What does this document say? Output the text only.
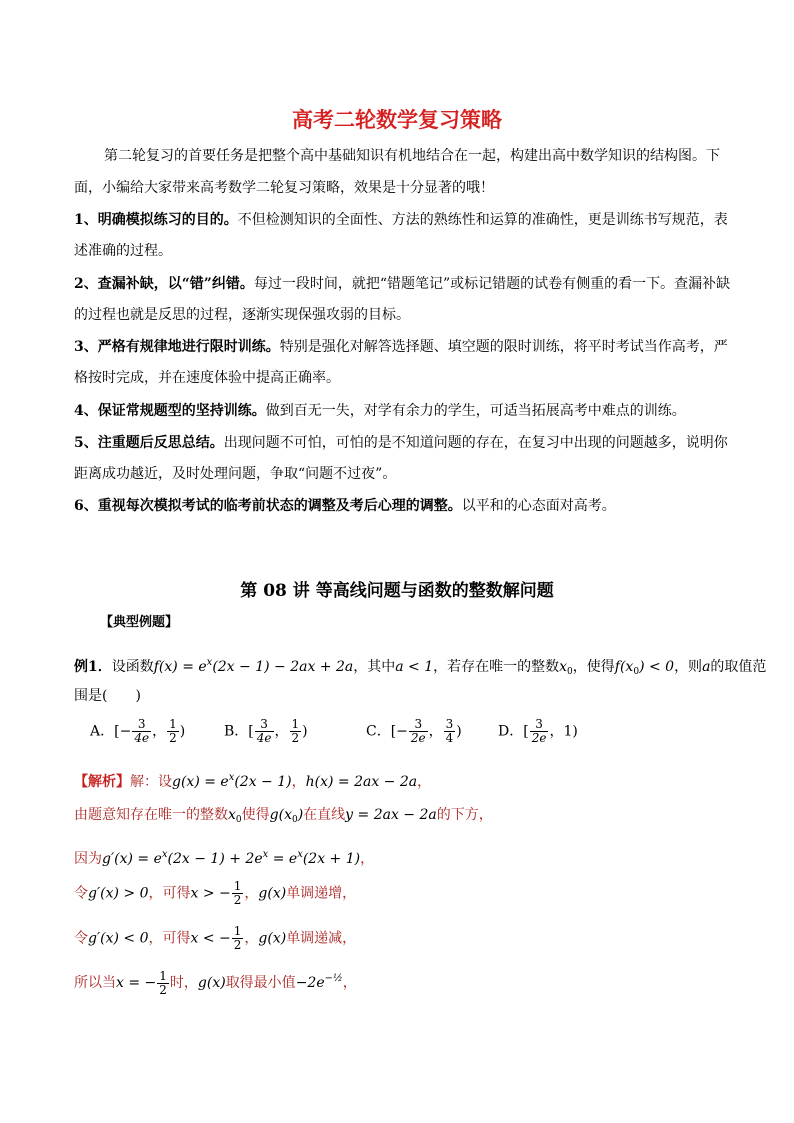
高考二轮数学复习策略
第二轮复习的首要任务是把整个高中基础知识有机地结合在一起，构建出高中数学知识的结构图。下
面，小编给大家带来高考数学二轮复习策略，效果是十分显著的哦！
1、明确模拟练习的目的。不但检测知识的全面性、方法的熟练性和运算的准确性，更是训练书写规范，表
述准确的过程。
2、查漏补缺，以“错”纠错。每过一段时间，就把“错题笔记”或标记错题的试卷有侧重的看一下。查漏补缺
的过程也就是反思的过程，逐渐实现保强攻弱的目标。
3、严格有规律地进行限时训练。特别是强化对解答选择题、填空题的限时训练，将平时考试当作高考，严
格按时完成，并在速度体验中提高正确率。
4、保证常规题型的坚持训练。做到百无一失，对学有余力的学生，可适当拓展高考中难点的训练。
5、注重题后反思总结。出现问题不可怕，可怕的是不知道问题的存在，在复习中出现的问题越多，说明你
距离成功越近，及时处理问题，争取“问题不过夜”。
6、重视每次模拟考试的临考前状态的调整及考后心理的调整。以平和的心态面对高考。
第 08 讲 等高线问题与函数的整数解问题
【典型例题】
例1．设函数$f(x) = e^x(2x - 1) - 2ax + 2a$，其中a < 1，若存在唯一的整数$x_0$，使得$f(x_0) < 0$，则a的取值范
围是(　　)
A．[− $\frac{3}{4e}$ ， $\frac{1}{2}$ )	B．[ $\frac{3}{4e}$ ， $\frac{1}{2}$ )	C．[− $\frac{3}{2e}$ ， $\frac{3}{4}$ )	D．[ $\frac{3}{2e}$ ，1)
【解析】解：设$g(x) = e^x(2x - 1)$，h(x) = 2ax − 2a，
由题意知存在唯一的整数$x_0$使得$g(x_0)$在直线y = 2ax − 2a的下方，
因为$g'(x) = e^x(2x - 1) + 2e^x = e^x(2x + 1)$，
令g′(x) > 0，可得x > − $\frac{1}{2}$ ，g(x)单调递增，
令g′(x) < 0，可得x < − $\frac{1}{2}$ ，g(x)单调递减，
所以当x = − $\frac{1}{2}$ 时，g(x)取得最小值$-2e^{-\frac{1}{2}}$，
